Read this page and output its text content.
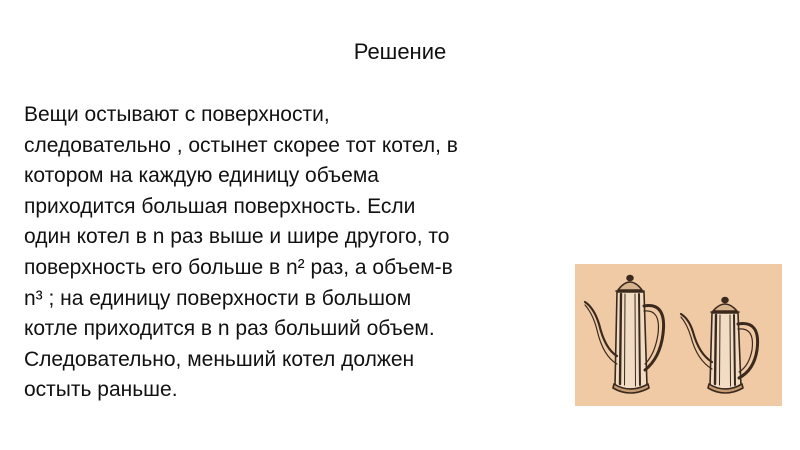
Решение
Вещи остывают с поверхности,
следовательно , остынет скорее тот котел, в
котором на каждую единицу объема
приходится большая поверхность. Если
один котел в n раз выше и шире другого, то
поверхность его больше в n² раз, а объем-в
n³ ; на единицу поверхности в большом
котле приходится в n раз больший объем.
Следовательно, меньший котел должен
остыть раньше.
